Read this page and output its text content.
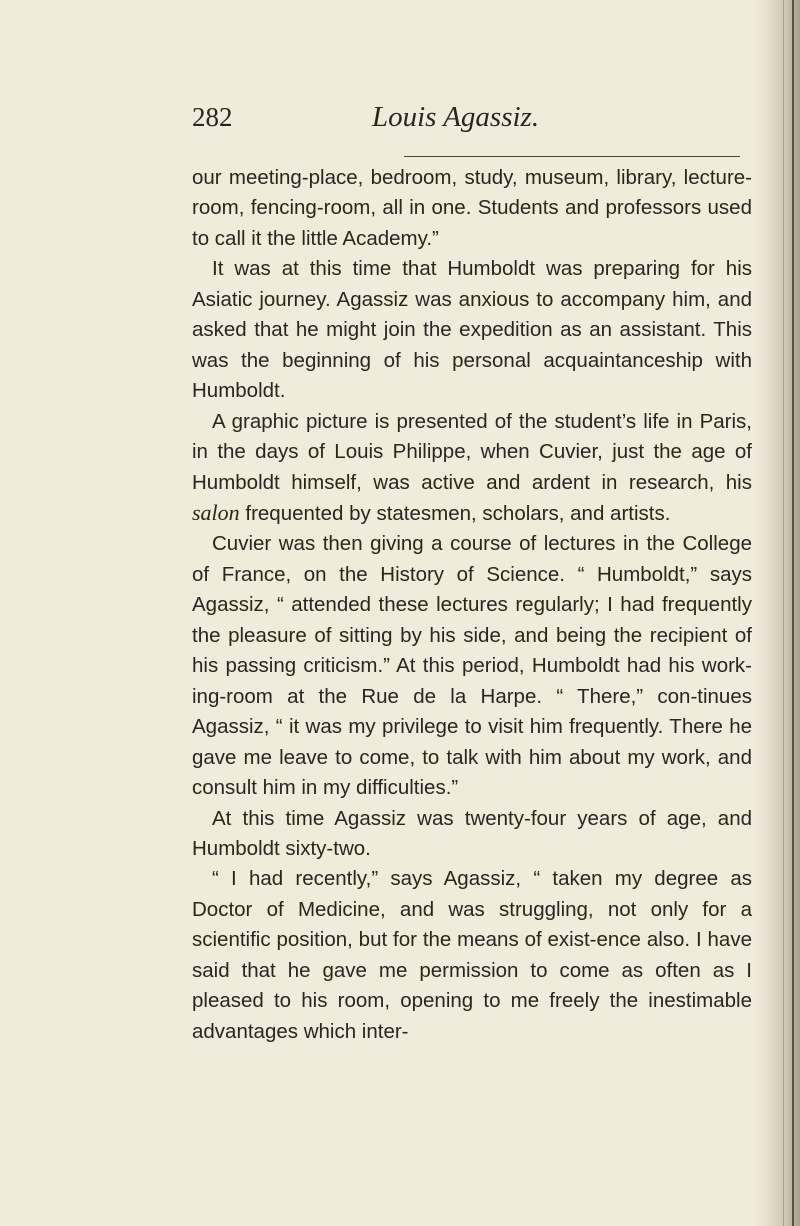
282	Louis Agassiz.

our meeting-place, bedroom, study, museum, library, lecture-room, fencing-room, all in one. Students and professors used to call it the little Academy.”

It was at this time that Humboldt was preparing for his Asiatic journey. Agassiz was anxious to accompany him, and asked that he might join the expedition as an assistant. This was the beginning of his personal acquaintanceship with Humboldt.

A graphic picture is presented of the student’s life in Paris, in the days of Louis Philippe, when Cuvier, just the age of Humboldt himself, was active and ardent in research, his salon frequented by statesmen, scholars, and artists.

Cuvier was then giving a course of lectures in the College of France, on the History of Science. “ Humboldt,” says Agassiz, “ attended these lectures regularly; I had frequently the pleasure of sitting by his side, and being the recipient of his passing criticism.” At this period, Humboldt had his work-ing-room at the Rue de la Harpe. “ There,” con-tinues Agassiz, “ it was my privilege to visit him frequently. There he gave me leave to come, to talk with him about my work, and consult him in my difficulties.”

At this time Agassiz was twenty-four years of age, and Humboldt sixty-two.

“ I had recently,” says Agassiz, “ taken my degree as Doctor of Medicine, and was struggling, not only for a scientific position, but for the means of exist-ence also. I have said that he gave me permission to come as often as I pleased to his room, opening to me freely the inestimable advantages which inter-
